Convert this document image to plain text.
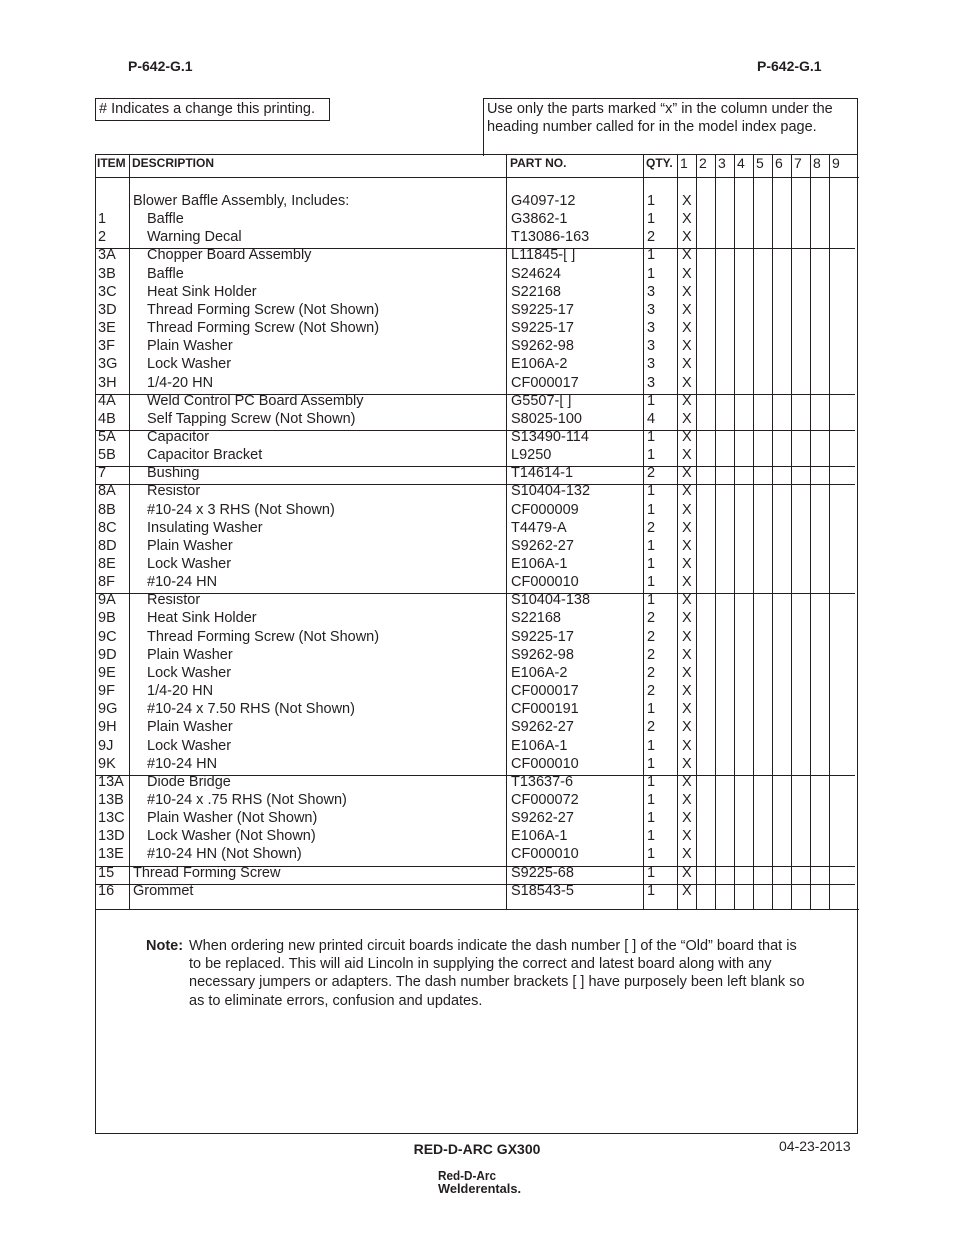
P-642-G.1	P-642-G.1
# Indicates a change this printing.	Use only the parts marked “x” in the column under the heading number called for in the model index page.
ITEM DESCRIPTION	PART NO.	QTY. 1 2 3 4 5 6 7 8 9
Blower Baffle Assembly, Includes:	G4097-12	1 X
1	Baffle	G3862-1	1 X
2	Warning Decal	T13086-163	2 X
3A Chopper Board Assembly	L11845-[ ]	1 X
3B Baffle	S24624	1 X
3C Heat Sink Holder	S22168	3 X
3D Thread Forming Screw (Not Shown)	S9225-17	3 X
3E Thread Forming Screw (Not Shown)	S9225-17	3 X
3F Plain Washer	S9262-98	3 X
3G Lock Washer	E106A-2	3 X
3H 1/4-20 HN	CF000017	3 X
4A Weld Control PC Board Assembly	G5507-[ ]	1 X
4B Self Tapping Screw (Not Shown)	S8025-100	4 X
5A Capacitor	S13490-114	1 X
5B Capacitor Bracket	L9250	1 X
7	Bushing	T14614-1	2 X
8A Resistor	S10404-132	1 X
8B #10-24 x 3 RHS (Not Shown)	CF000009	1 X
8C Insulating Washer	T4479-A	2 X
8D Plain Washer	S9262-27	1 X
8E Lock Washer	E106A-1	1 X
8F #10-24 HN	CF000010	1 X
9A Resistor	S10404-138	1 X
9B Heat Sink Holder	S22168	2 X
9C Thread Forming Screw (Not Shown)	S9225-17	2 X
9D Plain Washer	S9262-98	2 X
9E Lock Washer	E106A-2	2 X
9F 1/4-20 HN	CF000017	2 X
9G #10-24 x 7.50 RHS (Not Shown)	CF000191	1 X
9H Plain Washer	S9262-27	2 X
9J Lock Washer	E106A-1	1 X
9K #10-24 HN	CF000010	1 X
13A Diode Bridge	T13637-6	1 X
13B #10-24 x .75 RHS (Not Shown)	CF000072	1 X
13C Plain Washer (Not Shown)	S9262-27	1 X
13D Lock Washer (Not Shown)	E106A-1	1 X
13E #10-24 HN (Not Shown)	CF000010	1 X
15 Thread Forming Screw	S9225-68	1 X
16 Grommet	S18543-5	1 X
Note: When ordering new printed circuit boards indicate the dash number [ ] of the “Old” board that is to be replaced. This will aid Lincoln in supplying the correct and latest board along with any necessary jumpers or adapters. The dash number brackets [ ] have purposely been left blank so as to eliminate errors, confusion and updates.
RED-D-ARC GX300	04-23-2013
Red-D-Arc
Welderentals.
